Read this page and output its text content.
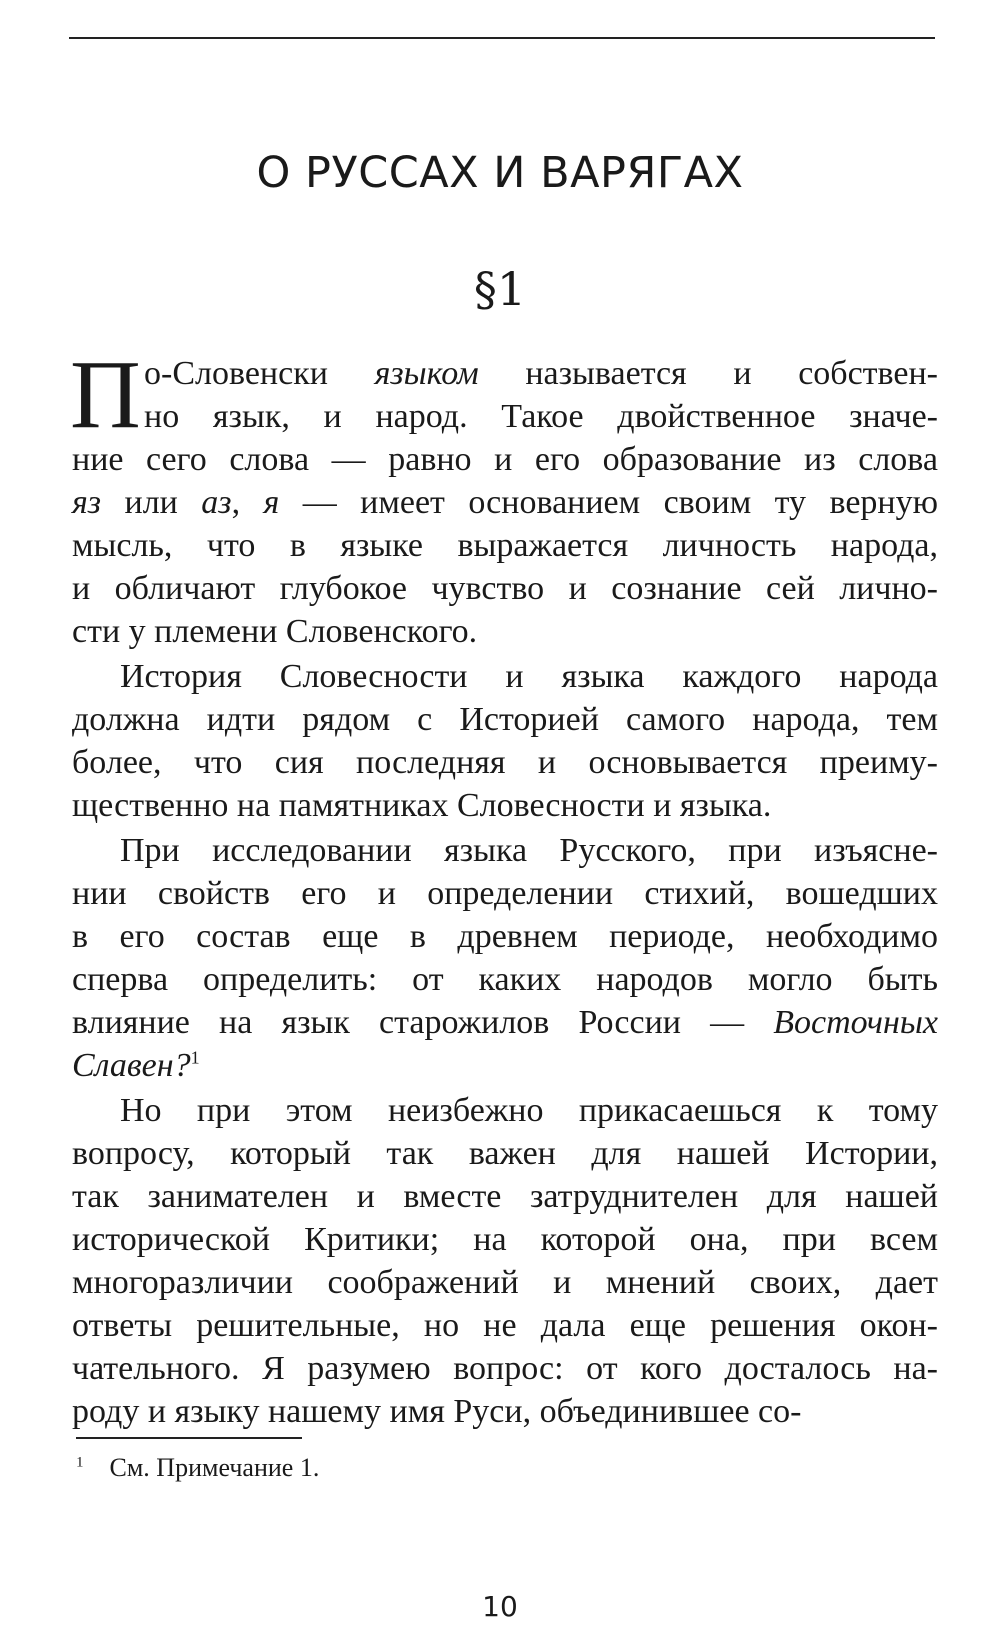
О РУССАХ И ВАРЯГАХ
§1
П о-Словенски языком называется и собствен-
но язык, и народ. Такое двойственное значе-
ние сего слова — равно и его образование из слова
яз или аз, я — имеет основанием своим ту верную
мысль, что в языке выражается личность народа,
и обличают глубокое чувство и сознание сей лично-
сти у племени Словенского.
История Словесности и языка каждого народа
должна идти рядом с Историей самого народа, тем
более, что сия последняя и основывается преиму-
щественно на памятниках Словесности и языка.
При исследовании языка Русского, при изъясне-
нии свойств его и определении стихий, вошедших
в его состав еще в древнем периоде, необходимо
сперва определить: от каких народов могло быть
влияние на язык старожилов России — Восточных
Славен?$^1$
Но при этом неизбежно прикасаешься к тому
вопросу, который так важен для нашей Истории,
так занимателен и вместе затруднителен для нашей
исторической Критики; на которой она, при всем
многоразличии соображений и мнений своих, дает
ответы решительные, но не дала еще решения окон-
чательного. Я разумею вопрос: от кого досталось на-
роду и языку нашему имя Руси, объединившее со-
$^1$ См. Примечание 1.
10
